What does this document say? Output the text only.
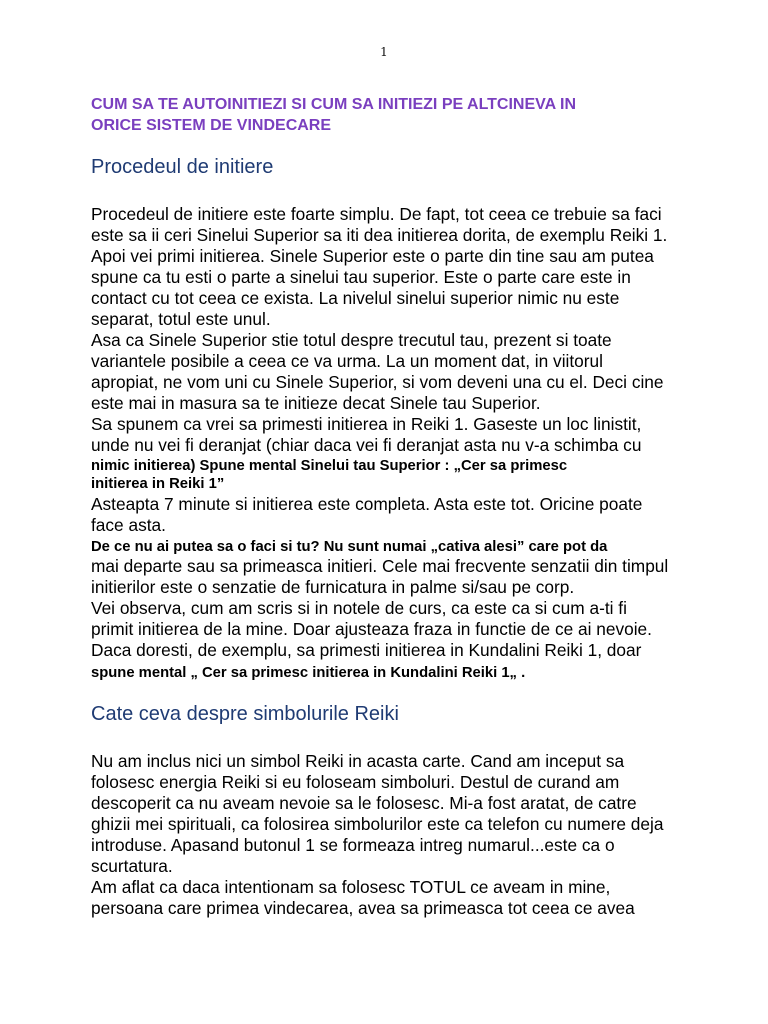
1
CUM SA TE AUTOINITIEZI SI CUM SA INITIEZI PE ALTCINEVA IN
ORICE SISTEM DE VINDECARE
Procedeul de initiere

Procedeul de initiere este foarte simplu. De fapt, tot ceea ce trebuie sa faci

este sa ii ceri Sinelui Superior sa iti dea initierea dorita, de exemplu Reiki 1.

Apoi vei primi initierea. Sinele Superior este o parte din tine sau am putea

spune ca tu esti o parte a sinelui tau superior. Este o parte care este in

contact cu tot ceea ce exista. La nivelul sinelui superior nimic nu este

separat, totul este unul.

Asa ca Sinele Superior stie totul despre trecutul tau, prezent si toate

variantele posibile a ceea ce va urma. La un moment dat, in viitorul

apropiat, ne vom uni cu Sinele Superior, si vom deveni una cu el. Deci cine

este mai in masura sa te initieze decat Sinele tau Superior.

Sa spunem ca vrei sa primesti initierea in Reiki 1. Gaseste un loc linistit,

unde nu vei fi deranjat (chiar daca vei fi deranjat asta nu v-a schimba cu

nimic initierea) Spune mental Sinelui tau Superior : „Cer sa primesc

initierea in Reiki 1”

Asteapta 7 minute si initierea este completa. Asta este tot. Oricine poate

face asta.

De ce nu ai putea sa o faci si tu? Nu sunt numai „cativa alesi” care pot da

mai departe sau sa primeasca initieri. Cele mai frecvente senzatii din timpul

initierilor este o senzatie de furnicatura in palme si/sau pe corp.

Vei observa, cum am scris si in notele de curs, ca este ca si cum a-ti fi

primit initierea de la mine. Doar ajusteaza fraza in functie de ce ai nevoie.

Daca doresti, de exemplu, sa primesti initierea in Kundalini Reiki 1, doar

spune mental „ Cer sa primesc initierea in Kundalini Reiki 1„ .

Cate ceva despre simbolurile Reiki

Nu am inclus nici un simbol Reiki in acasta carte. Cand am inceput sa

folosesc energia Reiki si eu foloseam simboluri. Destul de curand am

descoperit ca nu aveam nevoie sa le folosesc. Mi-a fost aratat, de catre

ghizii mei spirituali, ca folosirea simbolurilor este ca telefon cu numere deja

introduse. Apasand butonul 1 se formeaza intreg numarul...este ca o

scurtatura.

Am aflat ca daca intentionam sa folosesc TOTUL ce aveam in mine,

persoana care primea vindecarea, avea sa primeasca tot ceea ce avea
